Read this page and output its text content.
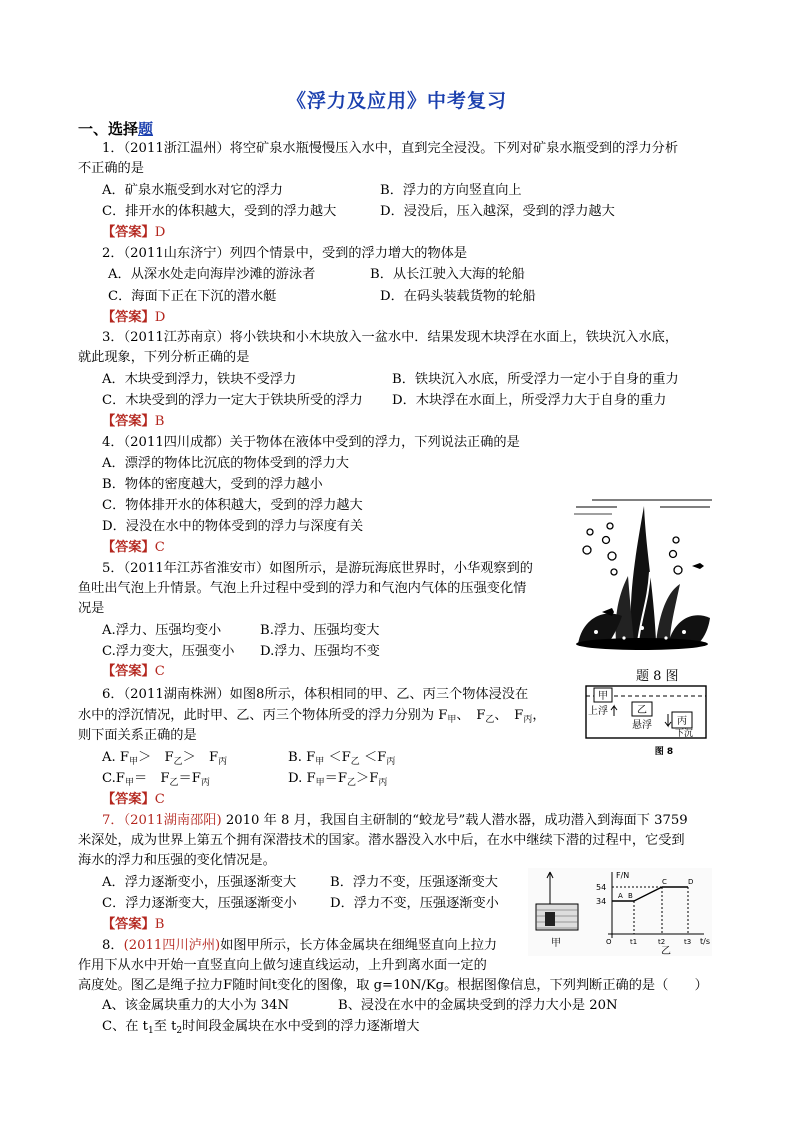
《浮力及应用》中考复习
一、选择题
1．（2011浙江温州）将空矿泉水瓶慢慢压入水中，直到完全浸没。下列对矿泉水瓶受到的浮力分析
不正确的是
A．矿泉水瓶受到水对它的浮力	B．浮力的方向竖直向上
C．排开水的体积越大，受到的浮力越大	D．浸没后，压入越深，受到的浮力越大
【答案】D
2．（2011山东济宁）列四个情景中，受到的浮力增大的物体是
A．从深水处走向海岸沙滩的游泳者	B．从长江驶入大海的轮船
C．海面下正在下沉的潜水艇	D．在码头装载货物的轮船
【答案】D
3．（2011江苏南京）将小铁块和小木块放入一盆水中．结果发现木块浮在水面上，铁块沉入水底，
就此现象，下列分析正确的是
A．木块受到浮力，铁块不受浮力	B．铁块沉入水底，所受浮力一定小于自身的重力
C．木块受到的浮力一定大于铁块所受的浮力 D．木块浮在水面上，所受浮力大于自身的重力
【答案】B
4．（2011四川成都）关于物体在液体中受到的浮力，下列说法正确的是
A．漂浮的物体比沉底的物体受到的浮力大
B．物体的密度越大，受到的浮力越小
C．物体排开水的体积越大，受到的浮力越大
D．浸没在水中的物体受到的浮力与深度有关
【答案】C
5．（2011年江苏省淮安市）如图所示，是游玩海底世界时，小华观察到的
鱼吐出气泡上升情景。气泡上升过程中受到的浮力和气泡内气体的压强变化情
况是
A.浮力、压强均变小	B.浮力、压强均变大
C.浮力变大，压强变小 D.浮力、压强均不变
【答案】C	题 8 图
6．（2011湖南株洲）如图8所示，体积相同的甲、乙、丙三个物体浸没在
水中的浮沉情况，此时甲、乙、丙三个物体所受的浮力分别为 $F_甲$、　$F_乙$、　$F_丙$，
则下面关系正确的是
A. $F_甲>$　$F_乙>$　$F_丙$	B. $F_甲 <F_乙 <F_丙$
$C.F_甲=$　$F_乙=F_丙$	D. $F_甲=F_乙>F_丙$
【答案】C
甲
上浮	乙
悬浮	丙
下沉
图 8
7．（2011湖南邵阳) 2010 年 8 月，我国自主研制的“蛟龙号”载人潜水器，成功潜入到海面下 3759
米深处，成为世界上第五个拥有深潜技术的国家。潜水器没入水中后，在水中继续下潜的过程中，它受到
海水的浮力和压强的变化情况是。
A．浮力逐渐变小，压强逐渐变大	B．浮力不变，压强逐渐变大
C．浮力逐渐变大，压强逐渐变小	D．浮力不变，压强逐渐变小
【答案】B
8．(2011四川泸州)如图甲所示，长方体金属块在细绳竖直向上拉力
作用下从水中开始一直竖直向上做匀速直线运动，上升到离水面一定的
高度处。图乙是绳子拉力F随时间t变化的图像，取 g=10N/Kg。根据图像信息，下列判断正确的是（　　）
A、该金属块重力的大小为 34N	B、浸没在水中的金属块受到的浮力大小是 20N
C、在 $t_1$至 $t_2$时间段金属块在水中受到的浮力逐渐增大
甲
F/N
t/s
54
34
A B
C	D
O	t1	t2	t3
乙
